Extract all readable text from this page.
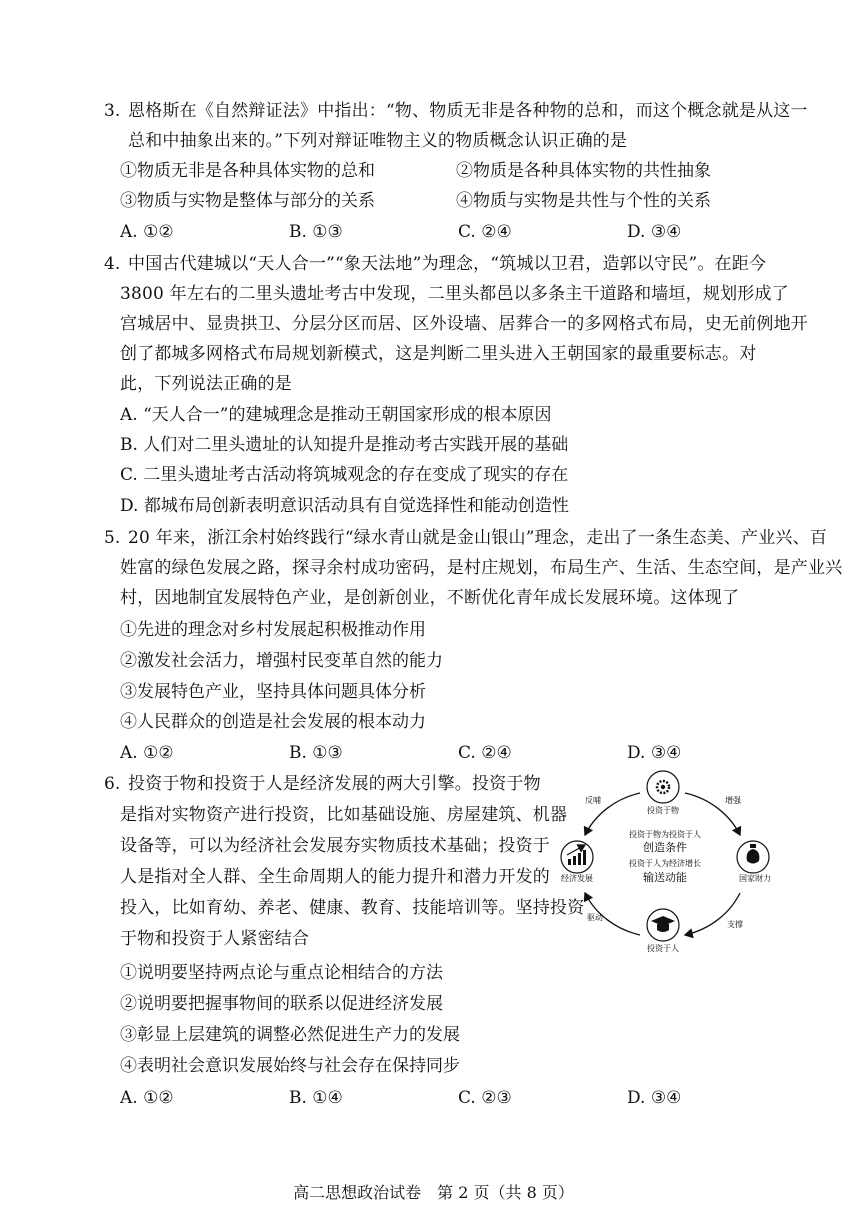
3. 恩格斯在《自然辩证法》中指出：“物、物质无非是各种物的总和，而这个概念就是从这一
总和中抽象出来的。”下列对辩证唯物主义的物质概念认识正确的是
①物质无非是各种具体实物的总和	②物质是各种具体实物的共性抽象
③物质与实物是整体与部分的关系	④物质与实物是共性与个性的关系
A. ①②	B. ①③	C. ②④	D. ③④
4. 中国古代建城以“天人合一”“象天法地”为理念，“筑城以卫君，造郭以守民”。在距今
3800 年左右的二里头遗址考古中发现，二里头都邑以多条主干道路和墙垣，规划形成了
宫城居中、显贵拱卫、分层分区而居、区外设墙、居葬合一的多网格式布局，史无前例地开
创了都城多网格式布局规划新模式，这是判断二里头进入王朝国家的最重要标志。对
此，下列说法正确的是
A. “天人合一”的建城理念是推动王朝国家形成的根本原因
B. 人们对二里头遗址的认知提升是推动考古实践开展的基础
C. 二里头遗址考古活动将筑城观念的存在变成了现实的存在
D. 都城布局创新表明意识活动具有自觉选择性和能动创造性
5. 20 年来，浙江余村始终践行“绿水青山就是金山银山”理念，走出了一条生态美、产业兴、百
姓富的绿色发展之路，探寻余村成功密码，是村庄规划，布局生产、生活、生态空间，是产业兴
村，因地制宜发展特色产业，是创新创业，不断优化青年成长发展环境。这体现了
①先进的理念对乡村发展起积极推动作用
②激发社会活力，增强村民变革自然的能力
③发展特色产业，坚持具体问题具体分析
④人民群众的创造是社会发展的根本动力
A. ①②	B. ①③	C. ②④	D. ③④
6. 投资于物和投资于人是经济发展的两大引擎。投资于物
是指对实物资产进行投资，比如基础设施、房屋建筑、机器
设备等，可以为经济社会发展夯实物质技术基础；投资于
人是指对全人群、全生命周期人的能力提升和潜力开发的
投入，比如育幼、养老、健康、教育、技能培训等。坚持投资
于物和投资于人紧密结合
投资于物
国家财力
投资于人
经济发展
反哺	增强
支撑
驱动
投资于物为投资于人
创造条件
投资于人为经济增长
输送动能
①说明要坚持两点论与重点论相结合的方法
②说明要把握事物间的联系以促进经济发展
③彰显上层建筑的调整必然促进生产力的发展
④表明社会意识发展始终与社会存在保持同步
A. ①②	B. ①④	C. ②③	D. ③④
高二思想政治试卷　第 2 页（共 8 页）
